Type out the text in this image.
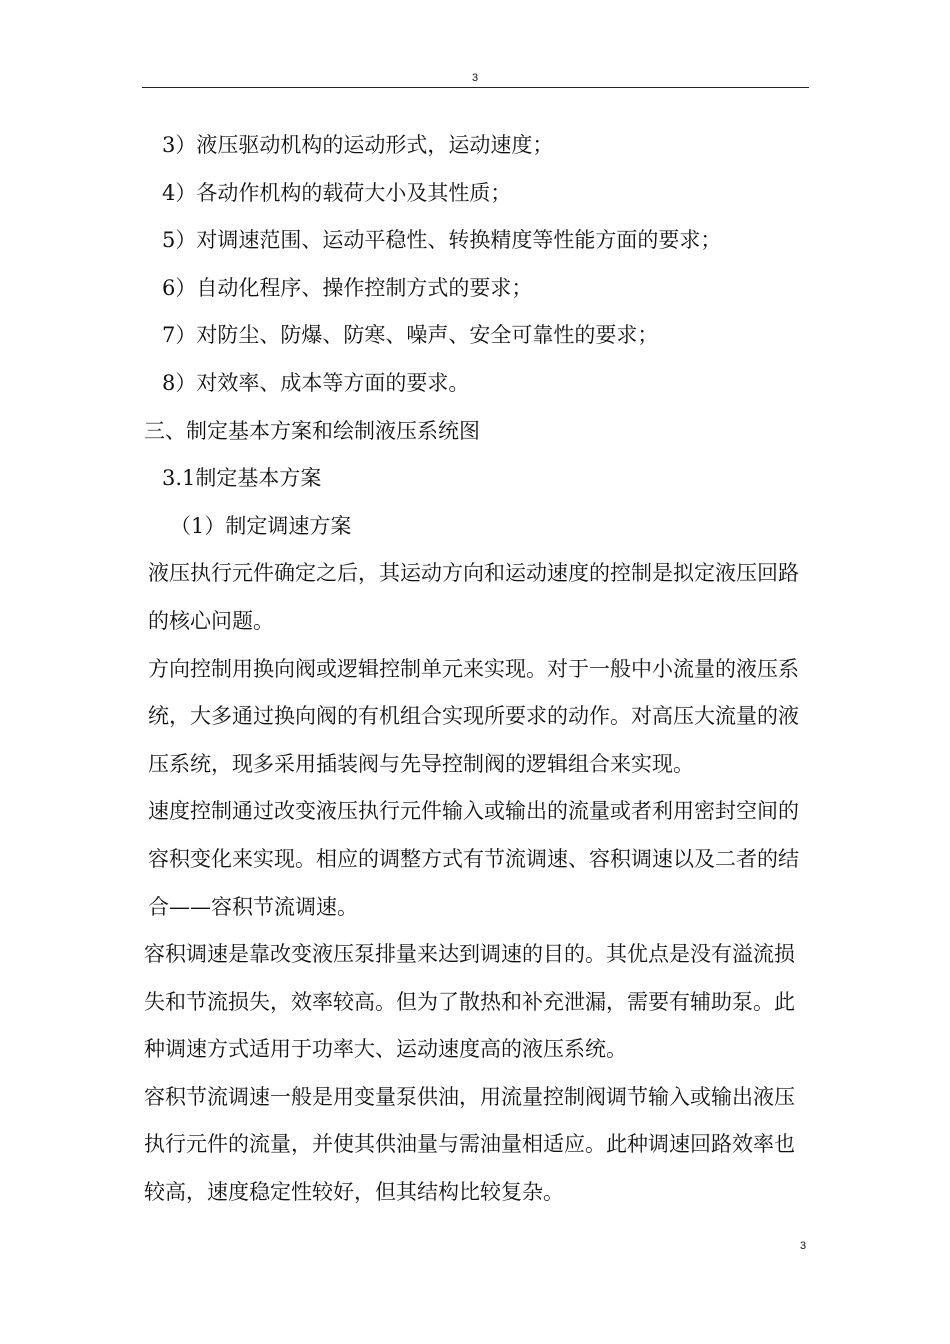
3

3）液压驱动机构的运动形式，运动速度；

4）各动作机构的载荷大小及其性质；

5）对调速范围、运动平稳性、转换精度等性能方面的要求；

6）自动化程序、操作控制方式的要求；

7）对防尘、防爆、防寒、噪声、安全可靠性的要求；

8）对效率、成本等方面的要求。

三、制定基本方案和绘制液压系统图

3.1制定基本方案

（1）制定调速方案

液压执行元件确定之后，其运动方向和运动速度的控制是拟定液压回路的核心问题。

方向控制用换向阀或逻辑控制单元来实现。对于一般中小流量的液压系统，大多通过换向阀的有机组合实现所要求的动作。对高压大流量的液压系统，现多采用插装阀与先导控制阀的逻辑组合来实现。

速度控制通过改变液压执行元件输入或输出的流量或者利用密封空间的容积变化来实现。相应的调整方式有节流调速、容积调速以及二者的结合——容积节流调速。

容积调速是靠改变液压泵排量来达到调速的目的。其优点是没有溢流损失和节流损失，效率较高。但为了散热和补充泄漏，需要有辅助泵。此种调速方式适用于功率大、运动速度高的液压系统。

容积节流调速一般是用变量泵供油，用流量控制阀调节输入或输出液压执行元件的流量，并使其供油量与需油量相适应。此种调速回路效率也较高，速度稳定性较好，但其结构比较复杂。

3
